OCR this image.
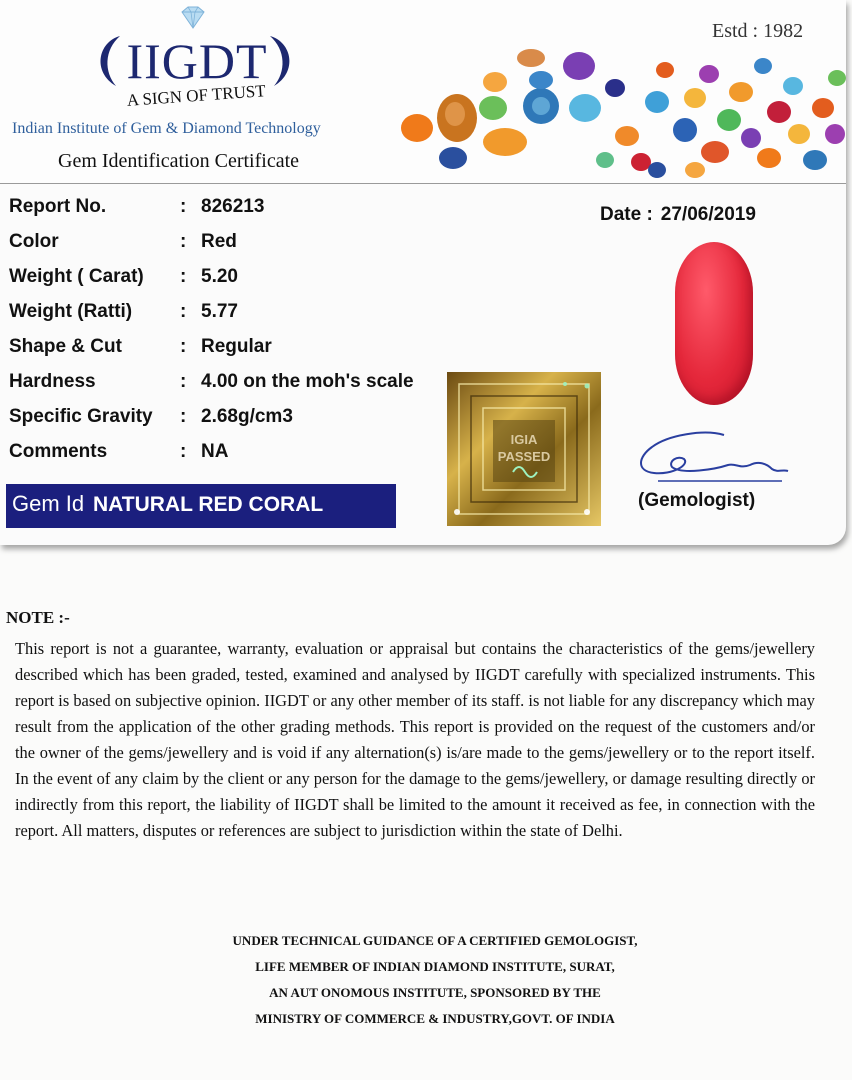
IIGDT
A SIGN OF TRUST
Indian Institute of Gem & Diamond Technology
Gem Identification Certificate
Estd : 1982
Report No.	: 826213
Color	: Red
Weight ( Carat) : 5.20
Weight (Ratti)	: 5.77
Shape & Cut	: Regular
Hardness	: 4.00 on the moh's scale
Specific Gravity : 2.68g/cm3
Comments	: NA
Date : 27/06/2019
IGIA
PASSED
(Gemologist)
Gem Id NATURAL RED CORAL
NOTE :-
This report is not a guarantee, warranty, evaluation or appraisal but contains the characteristics of the gems/jewellery described which has been graded, tested, examined and analysed by IIGDT carefully with specialized instruments. This report is based on subjective opinion. IIGDT or any other member of its staff. is not liable for any discrepancy which may result from the application of the other grading methods. This report is provided on the request of the customers and/or the owner of the gems/jewellery and is void if any alternation(s) is/are made to the gems/jewellery or to the report itself. In the event of any claim by the client or any person for the damage to the gems/jewellery, or damage resulting directly or indirectly from this report, the liability of IIGDT shall be limited to the amount it received as fee, in connection with the report. All matters, disputes or references are subject to jurisdiction within the state of Delhi.
UNDER TECHNICAL GUIDANCE OF A CERTIFIED GEMOLOGIST,
LIFE MEMBER OF INDIAN DIAMOND INSTITUTE, SURAT,
AN AUT ONOMOUS INSTITUTE, SPONSORED BY THE
MINISTRY OF COMMERCE & INDUSTRY,GOVT. OF INDIA
